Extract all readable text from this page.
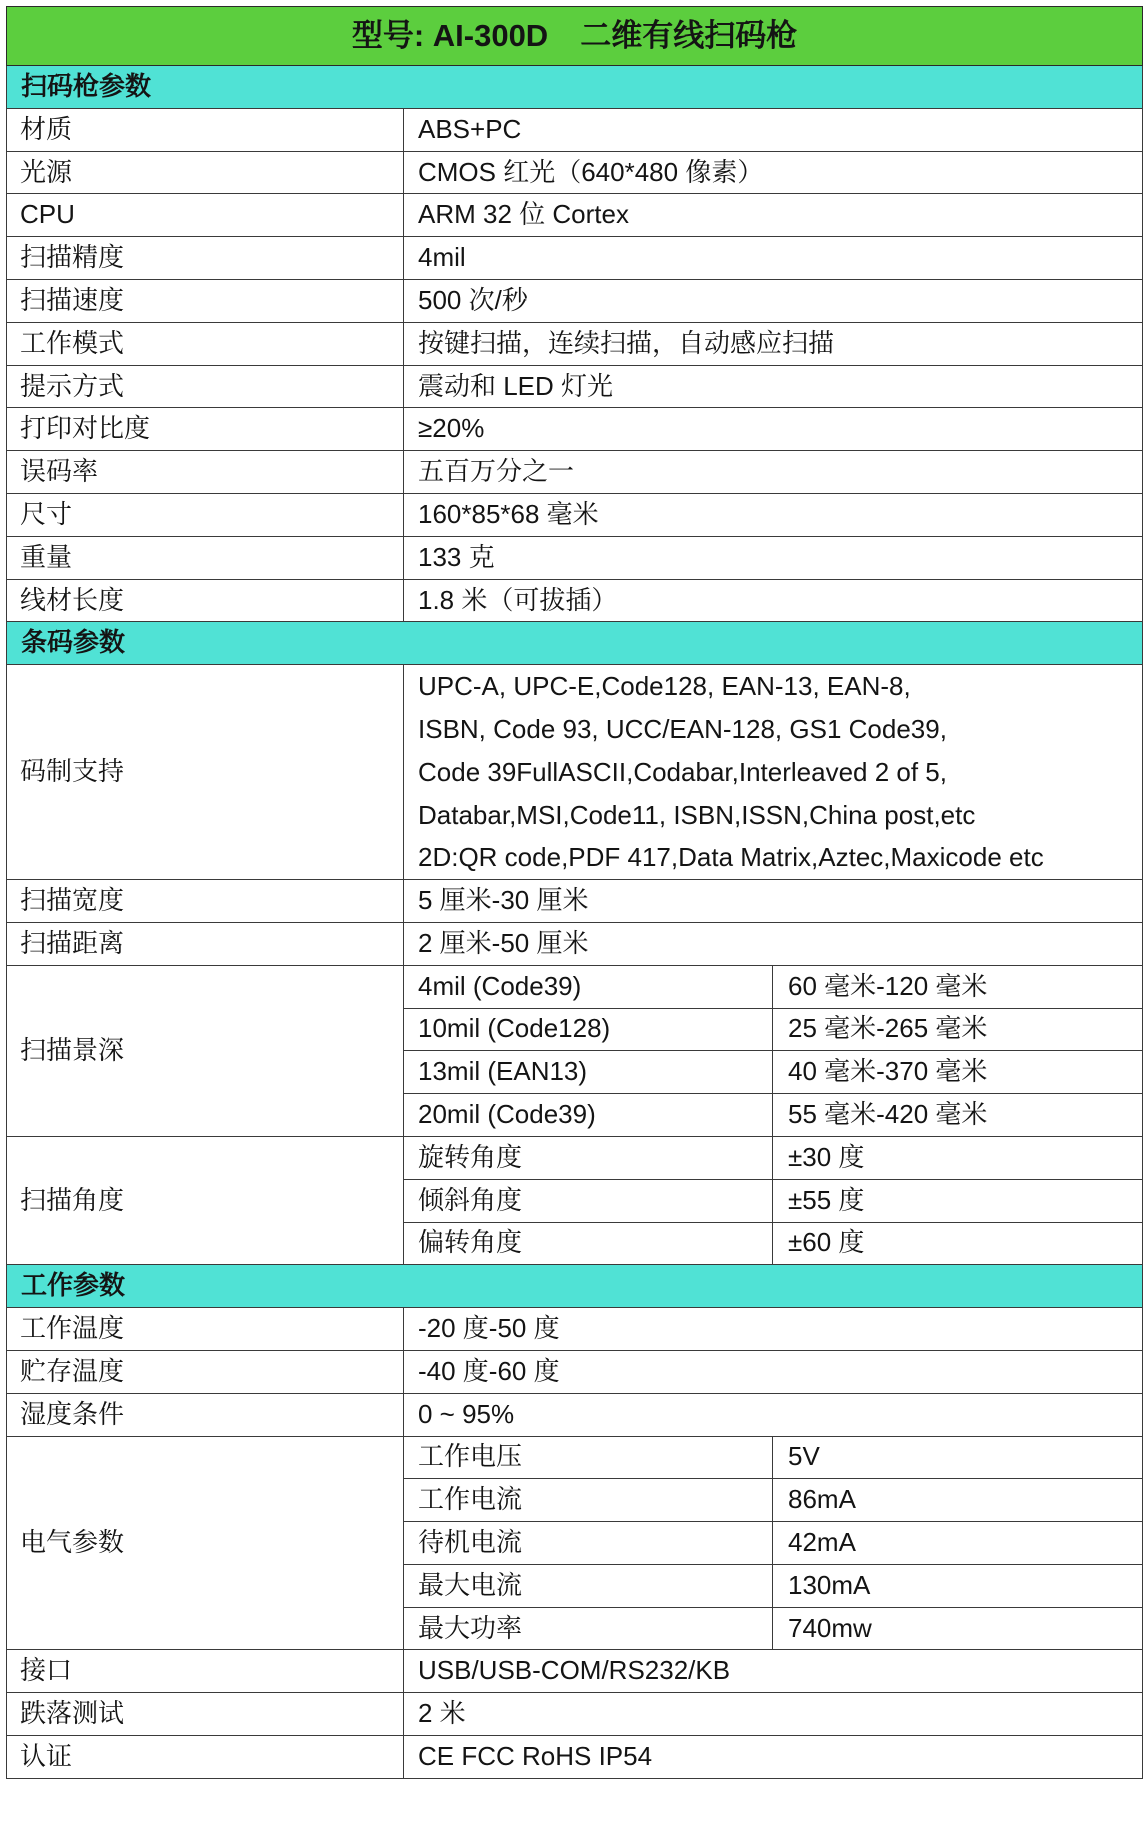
型号: AI-300D 二维有线扫码枪		
扫码枪参数		
材质	ABS+PC	
光源	CMOS 红光（640*480 像素）	
CPU	ARM 32 位 Cortex	
扫描精度	4mil	
扫描速度	500 次/秒	
工作模式	按键扫描，连续扫描，自动感应扫描	
提示方式	震动和 LED 灯光	
打印对比度	≥20%	
误码率	五百万分之一	
尺寸	160*85*68 毫米	
重量	133 克	
线材长度	1.8 米（可拔插）	
条码参数		
码制支持	UPC-A, UPC-E,Code128, EAN-13, EAN-8,
ISBN, Code 93, UCC/EAN-128, GS1 Code39,
Code 39FullASCII,Codabar,Interleaved 2 of 5,
Databar,MSI,Code11, ISBN,ISSN,China post,etc
2D:QR code,PDF 417,Data Matrix,Aztec,Maxicode etc	

扫描宽度	5 厘米-30 厘米	
扫描距离	2 厘米-50 厘米	
扫描景深	4mil (Code39)	60 毫米-120 毫米
	10mil (Code128)	25 毫米-265 毫米
	13mil (EAN13)	40 毫米-370 毫米
	20mil (Code39)	55 毫米-420 毫米
扫描角度	旋转角度	±30 度
	倾斜角度	±55 度
	偏转角度	±60 度
工作参数		
工作温度	-20 度-50 度	
贮存温度	-40 度-60 度	
湿度条件	0 ~ 95%	
电气参数	工作电压	5V
	工作电流	86mA
	待机电流	42mA
	最大电流	130mA
	最大功率	740mw
接口	USB/USB-COM/RS232/KB	
跌落测试	2 米	
认证	CE FCC RoHS IP54	
